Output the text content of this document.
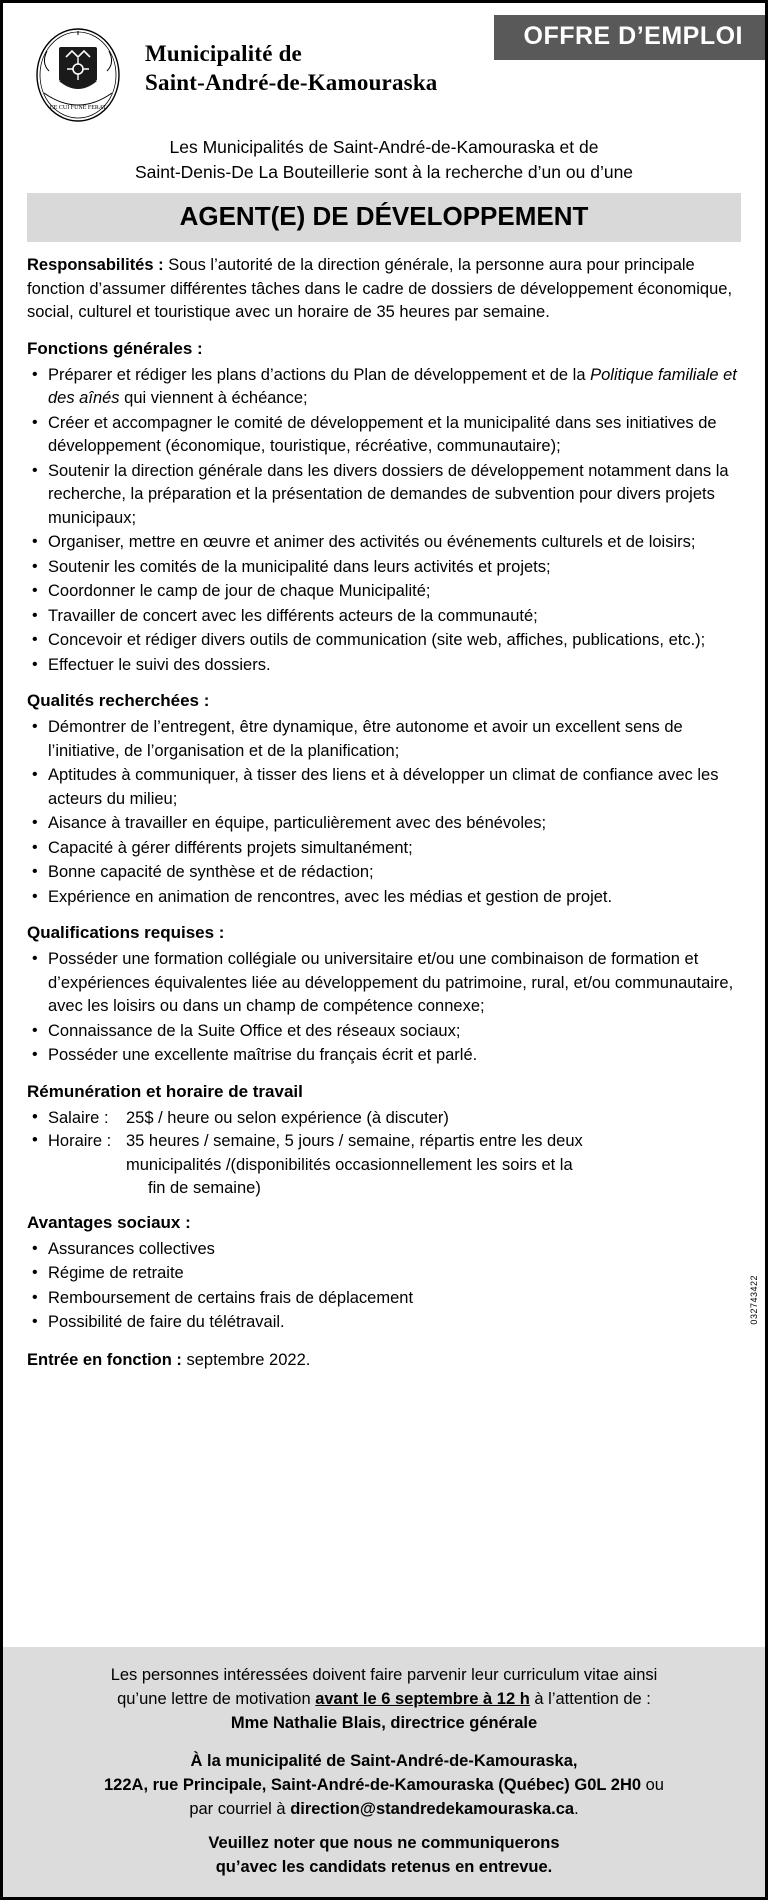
CE CUI FUNE FERAT
Municipalité de
Saint-André-de-Kamouraska
OFFRE D’EMPLOI
Les Municipalités de Saint-André-de-Kamouraska et de
Saint-Denis-De La Bouteillerie sont à la recherche d’un ou d’une
AGENT(E) DE DÉVELOPPEMENT

Responsabilités : Sous l’autorité de la direction générale, la personne aura pour principale fonction d’assumer différentes tâches dans le cadre de dossiers de développement économique, social, culturel et touristique avec un horaire de 35 heures par semaine.

Fonctions générales :
• Préparer et rédiger les plans d’actions du Plan de développement et de la Politique familiale et des aînés qui viennent à échéance;
• Créer et accompagner le comité de développement et la municipalité dans ses initiatives de développement (économique, touristique, récréative, communautaire);
• Soutenir la direction générale dans les divers dossiers de développement notamment dans la recherche, la préparation et la présentation de demandes de subvention pour divers projets municipaux;
• Organiser, mettre en œuvre et animer des activités ou événements culturels et de loisirs;
• Soutenir les comités de la municipalité dans leurs activités et projets;
• Coordonner le camp de jour de chaque Municipalité;
• Travailler de concert avec les différents acteurs de la communauté;
• Concevoir et rédiger divers outils de communication (site web, affiches, publications, etc.);
• Effectuer le suivi des dossiers.
Qualités recherchées :
• Démontrer de l’entregent, être dynamique, être autonome et avoir un excellent sens de l’initiative, de l’organisation et de la planification;
• Aptitudes à communiquer, à tisser des liens et à développer un climat de confiance avec les acteurs du milieu;
• Aisance à travailler en équipe, particulièrement avec des bénévoles;
• Capacité à gérer différents projets simultanément;
• Bonne capacité de synthèse et de rédaction;
• Expérience en animation de rencontres, avec les médias et gestion de projet.
Qualifications requises :
• Posséder une formation collégiale ou universitaire et/ou une combinaison de formation et d’expériences équivalentes liée au développement du patrimoine, rural, et/ou communautaire, avec les loisirs ou dans un champ de compétence connexe;
• Connaissance de la Suite Office et des réseaux sociaux;
• Posséder une excellente maîtrise du français écrit et parlé.
Rémunération et horaire de travail
• Salaire : 25$ / heure ou selon expérience (à discuter)
• Horaire : 35 heures / semaine, 5 jours / semaine, répartis entre les deux
municipalités /(disponibilités occasionnellement les soirs et la
fin de semaine)
Avantages sociaux :
• Assurances collectives
• Régime de retraite
• Remboursement de certains frais de déplacement
• Possibilité de faire du télétravail.
Entrée en fonction : septembre 2022.
032743422

Les personnes intéressées doivent faire parvenir leur curriculum vitae ainsi

qu’une lettre de motivation avant le 6 septembre à 12 h à l’attention de :

Mme Nathalie Blais, directrice générale

À la municipalité de Saint-André-de-Kamouraska,

122A, rue Principale, Saint-André-de-Kamouraska (Québec) G0L 2H0 ou

par courriel à direction@standredekamouraska.ca.

Veuillez noter que nous ne communiquerons

qu’avec les candidats retenus en entrevue.
